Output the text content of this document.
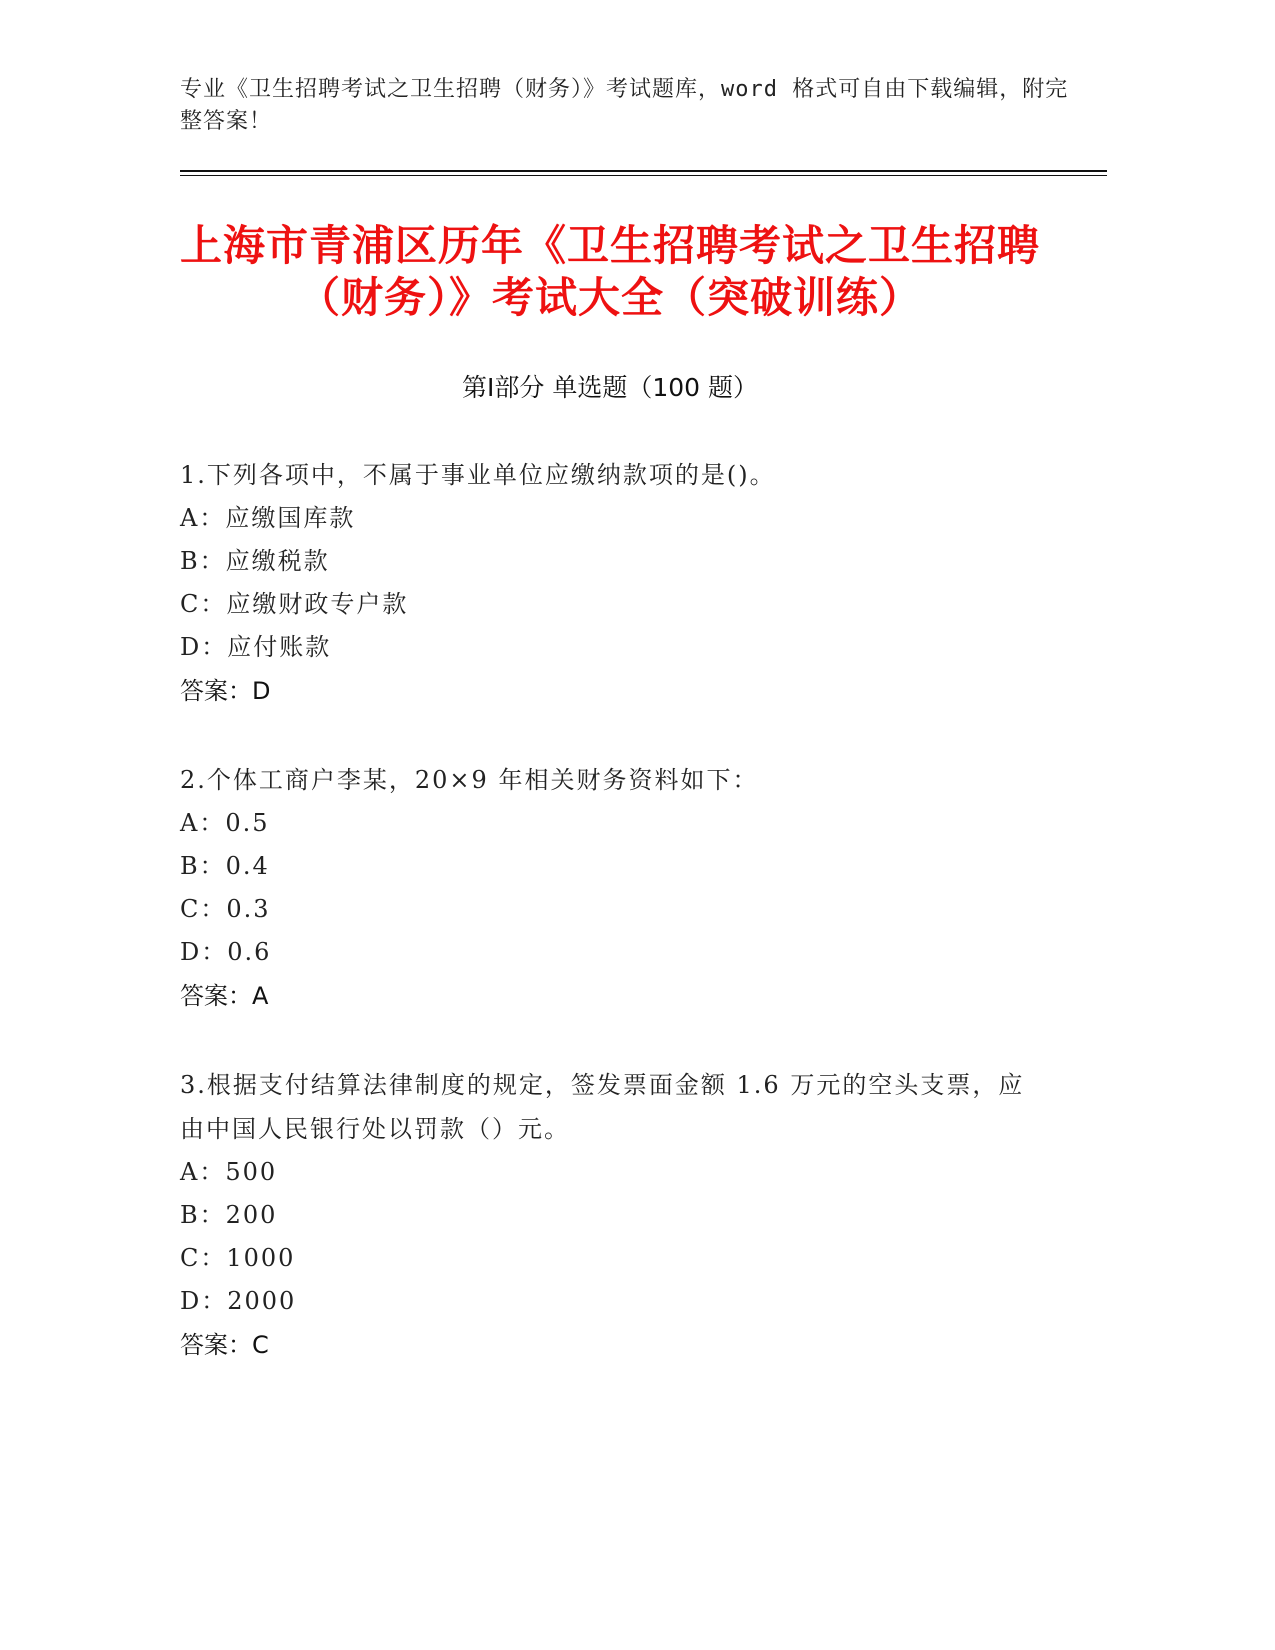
专业《卫生招聘考试之卫生招聘（财务）》考试题库，word 格式可自由下载编辑，附完整答案！
上海市青浦区历年《卫生招聘考试之卫生招聘（财务）》考试大全（突破训练）
第Ⅰ部分 单选题（100 题）
1.下列各项中，不属于事业单位应缴纳款项的是()。
A：应缴国库款
B：应缴税款
C：应缴财政专户款
D：应付账款
答案：D
2.个体工商户李某，20×9 年相关财务资料如下：
A：0.5
B：0.4
C：0.3
D：0.6
答案：A
3.根据支付结算法律制度的规定，签发票面金额 1.6 万元的空头支票，应由中国人民银行处以罚款（）元。
A：500
B：200
C：1000
D：2000
答案：C
